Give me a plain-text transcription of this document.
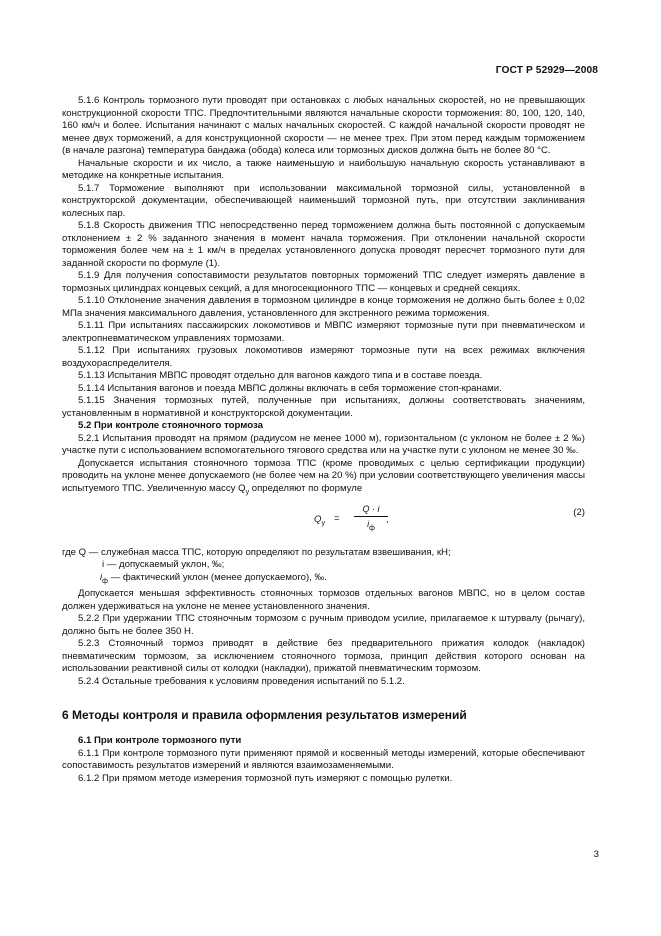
ГОСТ Р 52929—2008

5.1.6 Контроль тормозного пути проводят при остановках с любых начальных скоростей, но не превышающих конструкционной скорости ТПС. Предпочтительными являются начальные скорости торможения: 80, 100, 120, 140, 160 км/ч и более. Испытания начинают с малых начальных скоростей. С каждой начальной скорости проводят не менее двух торможений, а для конструкционной скорости — не менее трех. При этом перед каждым торможением (в начале разгона) температура бандажа (обода) колеса или тормозных дисков должна быть не более 80 °С.

Начальные скорости и их число, а также наименьшую и наибольшую начальную скорость устанавливают в методике на конкретные испытания.

5.1.7 Торможение выполняют при использовании максимальной тормозной силы, установленной в конструкторской документации, обеспечивающей наименьший тормозной путь, при отсутствии заклинивания колесных пар.

5.1.8 Скорость движения ТПС непосредственно перед торможением должна быть постоянной с допускаемым отклонением ± 2 % заданного значения в момент начала торможения. При отклонении начальной скорости торможения более чем на ± 1 км/ч в пределах установленного допуска проводят пересчет тормозного пути для заданной скорости по формуле (1).

5.1.9 Для получения сопоставимости результатов повторных торможений ТПС следует измерять давление в тормозных цилиндрах концевых секций, а для многосекционного ТПС — концевых и средней секциях.

5.1.10 Отклонение значения давления в тормозном цилиндре в конце торможения не должно быть более ± 0,02 МПа значения максимального давления, установленного для экстренного режима торможения.

5.1.11 При испытаниях пассажирских локомотивов и МВПС измеряют тормозные пути при пневматическом и электропневматическом управлениях тормозами.

5.1.12 При испытаниях грузовых локомотивов измеряют тормозные пути на всех режимах включения воздухораспределителя.

5.1.13 Испытания МВПС проводят отдельно для вагонов каждого типа и в составе поезда.

5.1.14 Испытания вагонов и поезда МВПС должны включать в себя торможение стоп-кранами.

5.1.15 Значения тормозных путей, полученные при испытаниях, должны соответствовать значениям, установленным в нормативной и конструкторской документации.

5.2 При контроле стояночного тормоза

5.2.1 Испытания проводят на прямом (радиусом не менее 1000 м), горизонтальном (с уклоном не более ± 2 ‰) участке пути с использованием вспомогательного тягового средства или на участке пути с уклоном не менее 30 ‰.

Допускается испытания стояночного тормоза ТПС (кроме проводимых с целью сертификации продукции) проводить на уклоне менее допускаемого (не более чем на 20 %) при условии соответствующего увеличения массы испытуемого ТПС. Увеличенную массу $Q_у$ определяют по формуле

$Q_у$ =
Q · i
$i_ф$
,
(2)

где Q — служебная масса ТПС, которую определяют по результатам взвешивания, кН;

i — допускаемый уклон, ‰;

$i_ф$ — фактический уклон (менее допускаемого), ‰.

Допускается меньшая эффективность стояночных тормозов отдельных вагонов МВПС, но в целом состав должен удерживаться на уклоне не менее установленного значения.

5.2.2 При удержании ТПС стояночным тормозом с ручным приводом усилие, прилагаемое к штурвалу (рычагу), должно быть не более 350 Н.

5.2.3 Стояночный тормоз приводят в действие без предварительного прижатия колодок (накладок) пневматическим тормозом, за исключением стояночного тормоза, принцип действия которого основан на использовании реактивной силы от колодки (накладки), прижатой пневматическим тормозом.

5.2.4 Остальные требования к условиям проведения испытаний по 5.1.2.

6 Методы контроля и правила оформления результатов измерений

6.1 При контроле тормозного пути

6.1.1 При контроле тормозного пути применяют прямой и косвенный методы измерений, которые обеспечивают сопоставимость результатов измерений и являются взаимозаменяемыми.

6.1.2 При прямом методе измерения тормозной путь измеряют с помощью рулетки.

3
